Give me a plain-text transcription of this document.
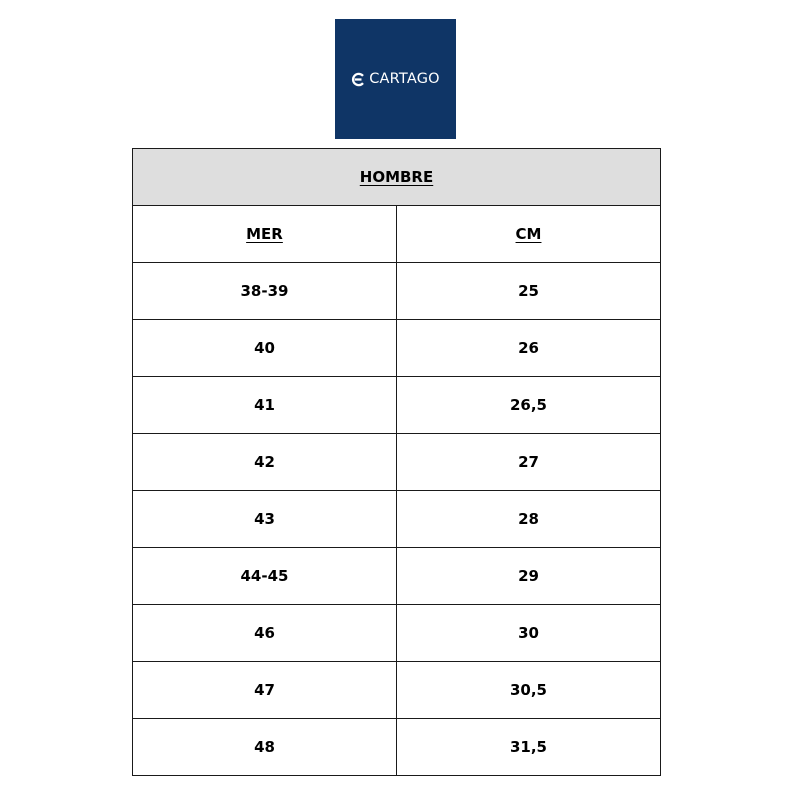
CARTAGO
HOMBRE	
MER	CM
38-39	25
40	26
41	26,5
42	27
43	28
44-45	29
46	30
47	30,5
48	31,5
